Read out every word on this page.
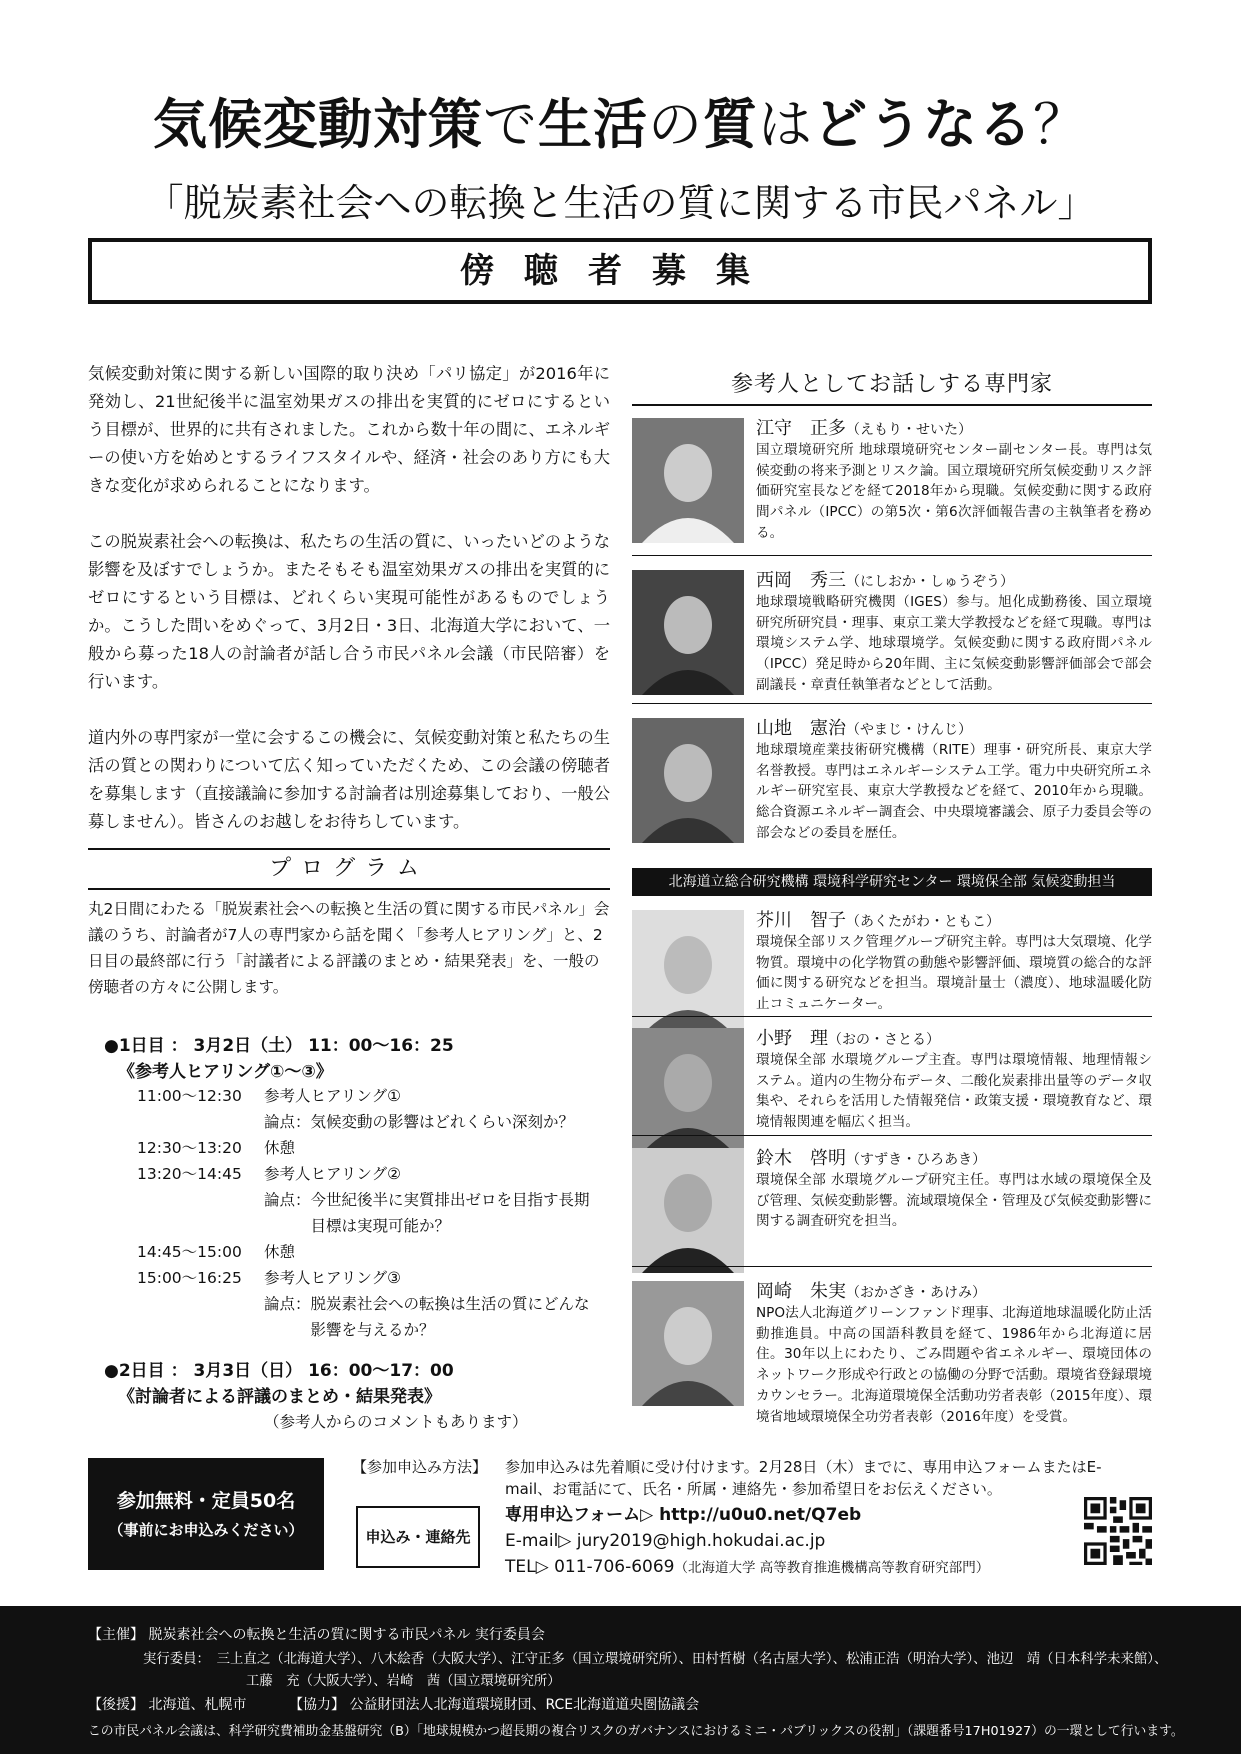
気候変動対策で生活の質はどうなる？
「脱炭素社会への転換と生活の質に関する市民パネル」
傍聴者募集

気候変動対策に関する新しい国際的取り決め「パリ協定」が2016年に発効し、21世紀後半に温室効果ガスの排出を実質的にゼロにするという目標が、世界的に共有されました。これから数十年の間に、エネルギーの使い方を始めとするライフスタイルや、経済・社会のあり方にも大きな変化が求められることになります。

この脱炭素社会への転換は、私たちの生活の質に、いったいどのような影響を及ぼすでしょうか。またそもそも温室効果ガスの排出を実質的にゼロにするという目標は、どれくらい実現可能性があるものでしょうか。こうした問いをめぐって、3月2日・3日、北海道大学において、一般から募った18人の討論者が話し合う市民パネル会議（市民陪審）を行います。

道内外の専門家が一堂に会するこの機会に、気候変動対策と私たちの生活の質との関わりについて広く知っていただくため、この会議の傍聴者を募集します（直接議論に参加する討論者は別途募集しており、一般公募しません）。皆さんのお越しをお待ちしています。

プログラム
丸2日間にわたる「脱炭素社会への転換と生活の質に関する市民パネル」会議のうち、討論者が7人の専門家から話を聞く「参考人ヒアリング」と、2日目の最終部に行う「討議者による評議のまとめ・結果発表」を、一般の傍聴者の方々に公開します。
●1日目 ： 3月2日（土） 11：00～16：25
《参考人ヒアリング①～③》
11:00～12:30 参考人ヒアリング①
論点：気候変動の影響はどれくらい深刻か？
12:30～13:20 休憩
13:20～14:45 参考人ヒアリング②
論点：今世紀後半に実質排出ゼロを目指す長期
　　　目標は実現可能か？
14:45～15:00 休憩
15:00～16:25 参考人ヒアリング③
論点：脱炭素社会への転換は生活の質にどんな
　　　影響を与えるか？
●2日目 ： 3月3日（日） 16：00～17：00
《討論者による評議のまとめ・結果発表》
（参考人からのコメントもあります）
参考人としてお話しする専門家
江守　正多（えもり・せいた）
国立環境研究所 地球環境研究センター副センター長。専門は気候変動の将来予測とリスク論。国立環境研究所気候変動リスク評価研究室長などを経て2018年から現職。気候変動に関する政府間パネル（IPCC）の第5次・第6次評価報告書の主執筆者を務める。
西岡　秀三（にしおか・しゅうぞう）
地球環境戦略研究機関（IGES）参与。旭化成勤務後、国立環境研究所研究員・理事、東京工業大学教授などを経て現職。専門は環境システム学、地球環境学。気候変動に関する政府間パネル（IPCC）発足時から20年間、主に気候変動影響評価部会で部会副議長・章責任執筆者などとして活動。
山地　憲治（やまじ・けんじ）
地球環境産業技術研究機構（RITE）理事・研究所長、東京大学名誉教授。専門はエネルギーシステム工学。電力中央研究所エネルギー研究室長、東京大学教授などを経て、2010年から現職。総合資源エネルギー調査会、中央環境審議会、原子力委員会等の部会などの委員を歴任。
北海道立総合研究機構 環境科学研究センター 環境保全部 気候変動担当
芥川　智子（あくたがわ・ともこ）
環境保全部リスク管理グループ研究主幹。専門は大気環境、化学物質。環境中の化学物質の動態や影響評価、環境質の総合的な評価に関する研究などを担当。環境計量士（濃度）、地球温暖化防止コミュニケーター。
小野　理（おの・さとる）
環境保全部 水環境グループ主査。専門は環境情報、地理情報システム。道内の生物分布データ、二酸化炭素排出量等のデータ収集や、それらを活用した情報発信・政策支援・環境教育など、環境情報関連を幅広く担当。
鈴木　啓明（すずき・ひろあき）
環境保全部 水環境グループ研究主任。専門は水域の環境保全及び管理、気候変動影響。流域環境保全・管理及び気候変動影響に関する調査研究を担当。
岡崎　朱実（おかざき・あけみ）
NPO法人北海道グリーンファンド理事、北海道地球温暖化防止活動推進員。中高の国語科教員を経て、1986年から北海道に居住。30年以上にわたり、ごみ問題や省エネルギー、環境団体のネットワーク形成や行政との協働の分野で活動。環境省登録環境カウンセラー。北海道環境保全活動功労者表彰（2015年度）、環境省地域環境保全功労者表彰（2016年度）を受賞。
参加無料・定員50名
（事前にお申込みください）
【参加申込み方法】 参加申込みは先着順に受け付けます。2月28日（木）までに、専用申込フォームまたはE-mail、お電話にて、氏名・所属・連絡先・参加希望日をお伝えください。
申込み・連絡先
専用申込フォーム▷ http://u0u0.net/Q7eb
E-mail▷ jury2019@high.hokudai.ac.jp
TEL▷ 011-706-6069（北海道大学 高等教育推進機構高等教育研究部門）
【主催】 脱炭素社会への転換と生活の質に関する市民パネル 実行委員会
実行委員：　三上直之（北海道大学）、八木絵香（大阪大学）、江守正多（国立環境研究所）、田村哲樹（名古屋大学）、松浦正浩（明治大学）、池辺　靖（日本科学未来館）、
工藤　充（大阪大学）、岩崎　茜（国立環境研究所）
【後援】 北海道、札幌市	【協力】 公益財団法人北海道環境財団、RCE北海道道央圏協議会
この市民パネル会議は、科学研究費補助金基盤研究（B）「地球規模かつ超長期の複合リスクのガバナンスにおけるミニ・パブリックスの役割」（課題番号17H01927）の一環として行います。
